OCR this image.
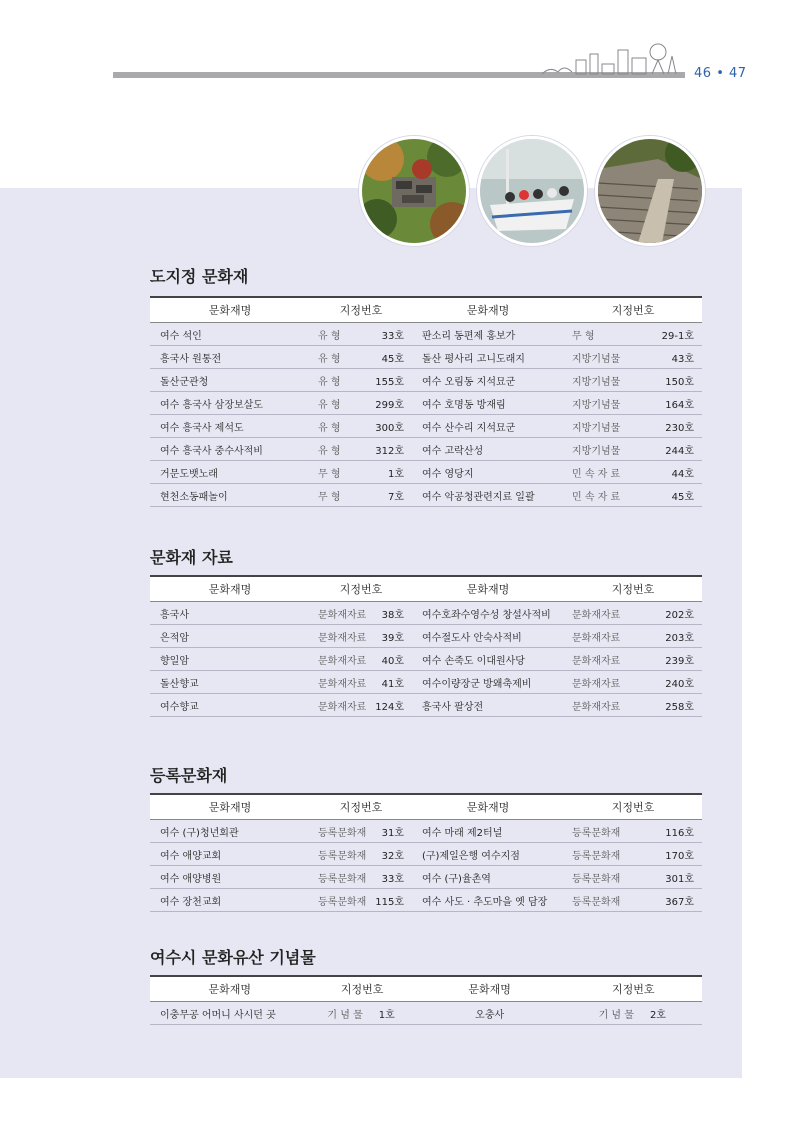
46 • 47
도지정 문화재
문화재명	지정번호	문화재명	지정번호
여수 석인	유 형 33호	판소리 동편제 홍보가	무 형 29-1호

흥국사 원통전	유 형 45호	돌산 평사리 고니도래지	지방기념물 43호

돌산군관청	유 형 155호	여수 오림동 지석묘군	지방기념물 150호

여수 흥국사 삼장보살도	유 형 299호	여수 호명동 방재림	지방기념물 164호

여수 흥국사 제석도	유 형 300호	여수 산수리 지석묘군	지방기념물 230호

여수 흥국사 중수사적비	유 형 312호	여수 고락산성	지방기념물 244호

거문도뱃노래	무 형 1호	여수 영당지	민 속 자 료 44호

현천소동패놀이	무 형 7호	여수 악공청관련지료 일괄	민 속 자 료 45호
문화재 자료
문화재명	지정번호	문화재명	지정번호
흥국사	문화재자료 38호	여수호좌수영수성 창설사적비	문화재자료 202호

은적암	문화재자료 39호	여수절도사 안숙사적비	문화재자료 203호

향일암	문화재자료 40호	여수 손죽도 이대원사당	문화재자료 239호

돌산향교	문화재자료 41호	여수이량장군 방왜축제비	문화재자료 240호

여수향교	문화재자료 124호	흥국사 팔상전	문화재자료 258호
등록문화재
문화재명	지정번호	문화재명	지정번호
여수 (구)청년회관	등록문화재 31호	여수 마래 제2터널	등록문화재 116호

여수 애양교회	등록문화재 32호	(구)제일은행 여수지점	등록문화재 170호

여수 애양병원	등록문화재 33호	여수 (구)율촌역	등록문화재 301호

여수 장천교회	등록문화재 115호	여수 사도 · 추도마을 옛 담장	등록문화재 367호
여수시 문화유산 기념물
문화재명	지정번호	문화재명	지정번호
이충무공 어머니 사시던 곳	기 념 물 1호	오충사	기 념 물 2호
